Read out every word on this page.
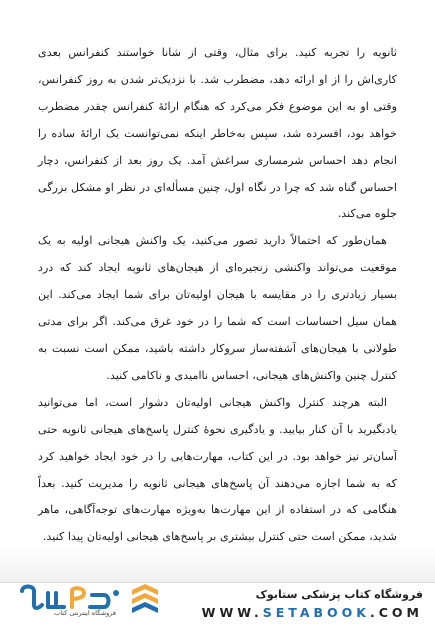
ثانویه را تجربه کنید. برای مثال، وقتی از شانا خواستند کنفرانس بعدی کاری‌اش را از او ارائه دهد، مضطرب شد. با نزدیک‌تر شدن به روز کنفرانس، وقتی او به این موضوع فکر می‌کرد که هنگام ارائهٔ کنفرانس چقدر مضطرب خواهد بود، افسرده شد، سپس به‌خاطر اینکه نمی‌توانست یک ارائهٔ ساده را انجام دهد احساس شرمساری سراغش آمد. یک روز بعد از کنفرانس، دچار احساس گناه شد که چرا در نگاه اول، چنین مسأله‌ای در نظر او مشکل بزرگی جلوه می‌کند.

همان‌طور که احتمالاً دارید تصور می‌کنید، یک واکنش هیجانی اولیه به یک موقعیت می‌تواند واکنشی زنجیره‌ای از هیجان‌های ثانویه ایجاد کند که درد بسیار زیادتری را در مقایسه با هیجان اولیه‌تان برای شما ایجاد می‌کند. این همان سیل احساسات است که شما را در خود غرق می‌کند. اگر برای مدتی طولانی با هیجان‌های آشفته‌ساز سروکار داشته باشید، ممکن است نسبت به کنترل چنین واکنش‌های هیجانی، احساس ناامیدی و ناکامی کنید.

البته هرچند کنترل واکنش هیجانی اولیه‌تان دشوار است، اما می‌توانید یادبگیرید با آن کنار بیایید. و یادگیری نحوهٔ کنترل پاسخ‌های هیجانی ثانویه حتی آسان‌تر نیز خواهد بود. در این کتاب، مهارت‌هایی را در خود ایجاد خواهید کرد که به شما اجازه می‌دهند آن پاسخ‌های هیجانی ثانویه را مدیریت کنید. بعداً هنگامی که در استفاده از این مهارت‌ها به‌ویژه مهارت‌های توجه‌آگاهی، ماهر شدید، ممکن است حتی کنترل بیشتری بر پاسخ‌های هیجانی اولیه‌تان پیدا کنید.

فروشگاه کتاب پزشکی ستابوک
WWW.SETABOOK.COM
فروشگاه اینترنتی کتاب
